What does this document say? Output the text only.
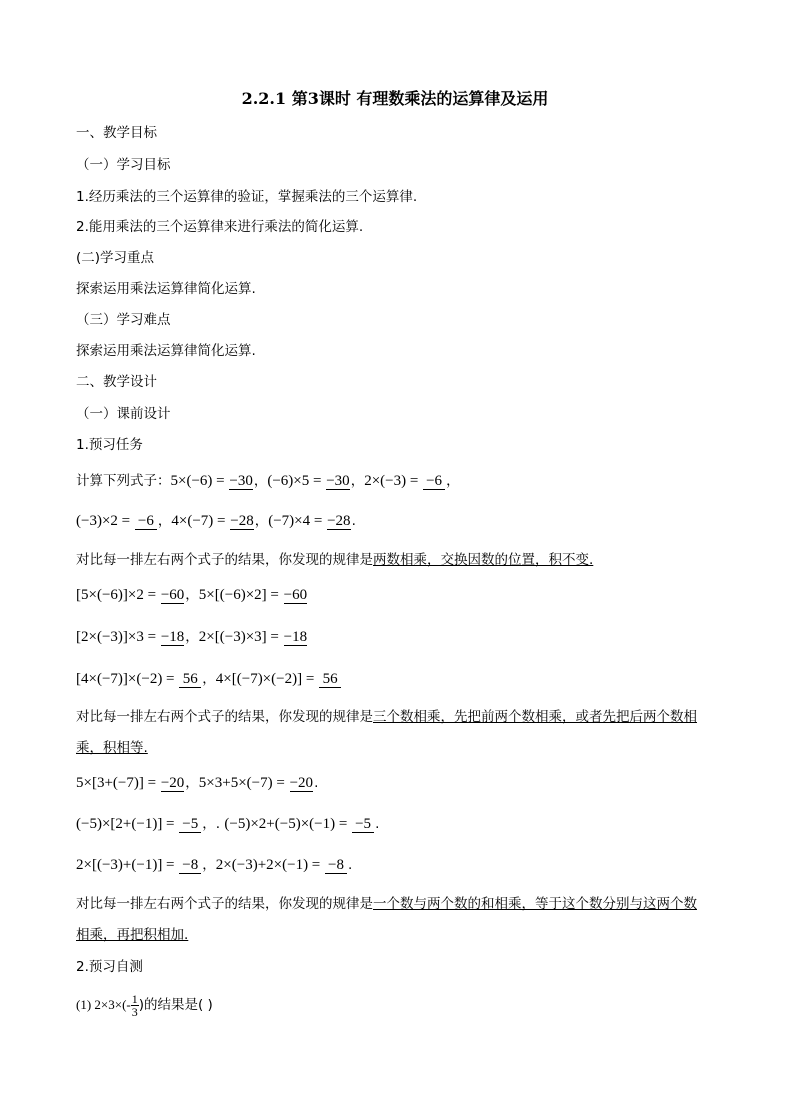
2.2.1 第3课时 有理数乘法的运算律及运用
一、教学目标
（一）学习目标
1.经历乘法的三个运算律的验证，掌握乘法的三个运算律.
2.能用乘法的三个运算律来进行乘法的简化运算.
(二)学习重点
探索运用乘法运算律简化运算.
（三）学习难点
探索运用乘法运算律简化运算.
二、教学设计
（一）课前设计
1.预习任务
计算下列式子：5×(−6) = −30，(−6)×5 = −30，2×(−3) = −6 ，
(−3)×2 = −6 ，4×(−7) = −28，(−7)×4 = −28.
对比每一排左右两个式子的结果，你发现的规律是两数相乘，交换因数的位置，积不变.
[5×(−6)]×2 = −60，5×[(−6)×2] = −60
[2×(−3)]×3 = −18，2×[(−3)×3] = −18
[4×(−7)]×(−2) = 56 ，4×[(−7)×(−2)] = 56
对比每一排左右两个式子的结果，你发现的规律是三个数相乘，先把前两个数相乘，或者先把后两个数相
乘，积相等.
5×[3+(−7)] = −20，5×3+5×(−7) = −20.
(−5)×[2+(−1)] = −5 ，. (−5)×2+(−5)×(−1) = −5 .
2×[(−3)+(−1)] = −8 ，2×(−3)+2×(−1) = −8 .
对比每一排左右两个式子的结果，你发现的规律是一个数与两个数的和相乘，等于这个数分别与这两个数
相乘，再把积相加.
2.预习自测
(1) $2\times 3\times(- \frac{1}{3}$ )的结果是( )
